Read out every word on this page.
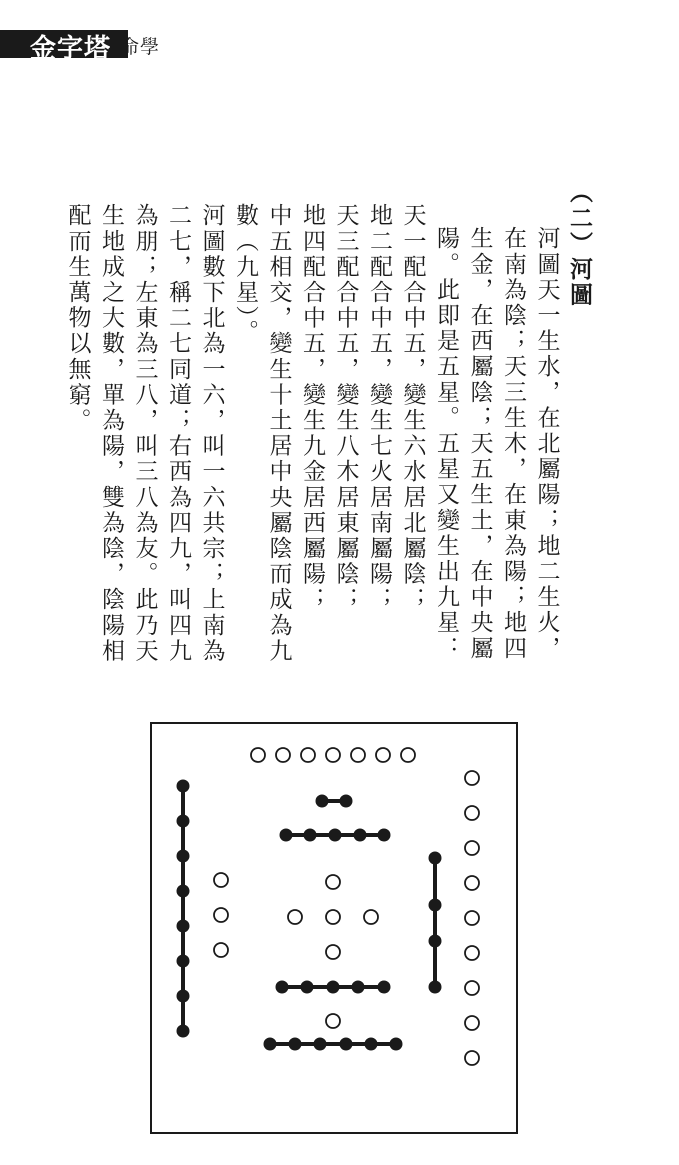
金字塔 命學

（二）河圖

河圖天一生水，在北屬陽；地二生火，在南為陰；天三生木，在東為陽；地四生金，在西屬陰；天五生土，在中央屬陽。此即是五星。五星又變生出九星：

天一配合中五，變生六水居北屬陰；

地二配合中五，變生七火居南屬陽；

天三配合中五，變生八木居東屬陰；

地四配合中五，變生九金居西屬陽；

中五相交，變生十土居中央屬陰而成為九數（九星）。

河圖數下北為一六，叫一六共宗；上南為二七，稱二七同道；右西為四九，叫四九為朋；左東為三八，叫三八為友。此乃天生地成之大數，單為陽，雙為陰，陰陽相配而生萬物以無窮。
